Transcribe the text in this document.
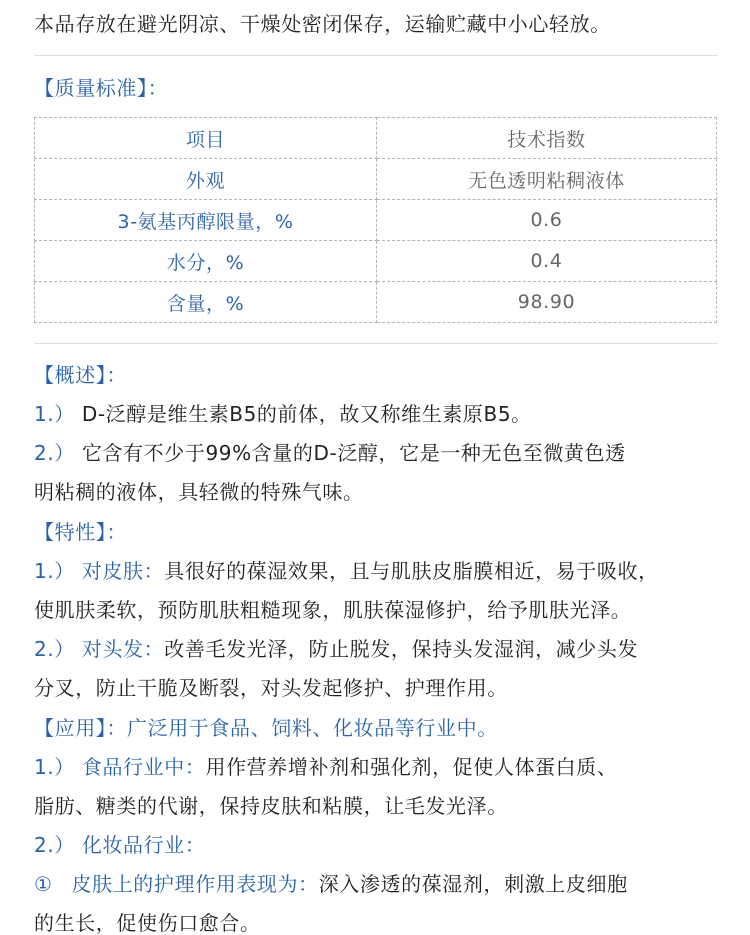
本品存放在避光阴凉、干燥处密闭保存，运输贮藏中小心轻放。
【质量标准】：
项目	技术指数
外观	无色透明粘稠液体
3-氨基丙醇限量，%	0.6
水分，%	0.4
含量，%	98.90
【概述】：
1.） D-泛醇是维生素B5的前体，故又称维生素原B5。
2.） 它含有不少于99%含量的D-泛醇，它是一种无色至微黄色透
明粘稠的液体，具轻微的特殊气味。
【特性】：
1.） 对皮肤：具很好的葆湿效果，且与肌肤皮脂膜相近，易于吸收，
使肌肤柔软，预防肌肤粗糙现象，肌肤葆湿修护，给予肌肤光泽。
2.） 对头发：改善毛发光泽，防止脱发，保持头发湿润，减少头发
分叉，防止干脆及断裂，对头发起修护、护理作用。
【应用】：广泛用于食品、饲料、化妆品等行业中。
1.） 食品行业中：用作营养增补剂和强化剂，促使人体蛋白质、
脂肪、糖类的代谢，保持皮肤和粘膜，让毛发光泽。
2.） 化妆品行业：
① 皮肤上的护理作用表现为：深入渗透的葆湿剂，刺激上皮细胞
的生长，促使伤口愈合。
